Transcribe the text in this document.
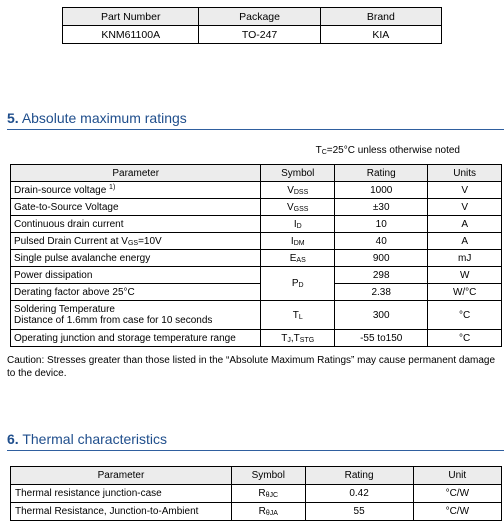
Part Number	Package	Brand
KNM61100A	TO-247	KIA
5. Absolute maximum ratings
TC=25°C unless otherwise noted
Parameter	Symbol	Rating	Units
Drain-source voltage $^{1)}$	VDSS	1000	V
Gate-to-Source Voltage	VGSS	±30	V
Continuous drain current	ID	10	A
Pulsed Drain Current at VGS=10V	IDM	40	A
Single pulse avalanche energy	EAS	900	mJ
Power dissipation	PD	298	W
Derating factor above 25°C		2.38	W/°C
Soldering Temperature
Distance of 1.6mm from case for 10 seconds	TL	300	°C
Operating junction and storage temperature range	TJ,TSTG	-55 to150	°C
Caution: Stresses greater than those listed in the “Absolute Maximum Ratings” may cause permanent damage to the device.
6. Thermal characteristics
Parameter	Symbol	Rating	Unit
Thermal resistance junction-case	RθJC	0.42	°C/W
Thermal Resistance, Junction-to-Ambient	RθJA	55	°C/W
